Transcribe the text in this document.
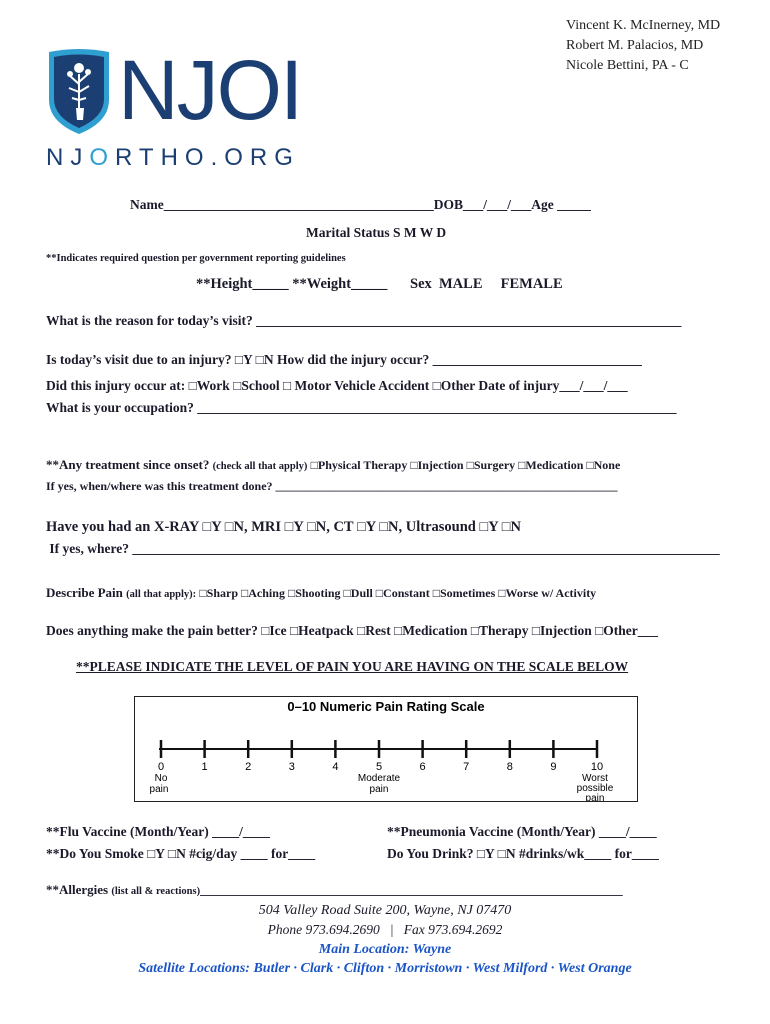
Vincent K. McInerney, MD
Robert M. Palacios, MD
Nicole Bettini, PA - C
NJOI
NJORTHO.ORG
Name________________________________________DOB___/___/___Age _____
Marital Status S M W D
**Indicates required question per government reporting guidelines
**Height_____ **Weight_____ Sex  MALE     FEMALE
What is the reason for today’s visit? _______________________________________________________________
Is today’s visit due to an injury? □Y □N How did the injury occur? _______________________________
Did this injury occur at: □Work □School □ Motor Vehicle Accident □Other Date of injury___/___/___
What is your occupation? _______________________________________________________________________
**Any treatment since onset? (check all that apply) □Physical Therapy □Injection □Surgery □Medication □None
If yes, when/where was this treatment done? _________________________________________________________
Have you had an X-RAY □Y □N, MRI □Y □N, CT □Y □N, Ultrasound □Y □N
If yes, where? _______________________________________________________________________________________
Describe Pain (all that apply): □Sharp □Aching □Shooting □Dull □Constant □Sometimes □Worse w/ Activity
Does anything make the pain better? □Ice □Heatpack □Rest □Medication □Therapy □Injection □Other___
**PLEASE INDICATE THE LEVEL OF PAIN YOU ARE HAVING ON THE SCALE BELOW
0–10 Numeric Pain Rating Scale
0	1	2	3	4	5	6	7	8	9	10
No
pain
Moderate
pain
Worst
possible
pain
**Flu Vaccine (Month/Year) ____/____	**Pneumonia Vaccine (Month/Year) ____/____
**Do You Smoke □Y □N #cig/day ____ for____	Do You Drink? □Y □N #drinks/wk____ for____
**Allergies (list all & reactions)_________________________________________________________________
504 Valley Road Suite 200, Wayne, NJ 07470
Phone 973.694.2690   |   Fax 973.694.2692
Main Location: Wayne
Satellite Locations: Butler · Clark · Clifton · Morristown · West Milford · West Orange
